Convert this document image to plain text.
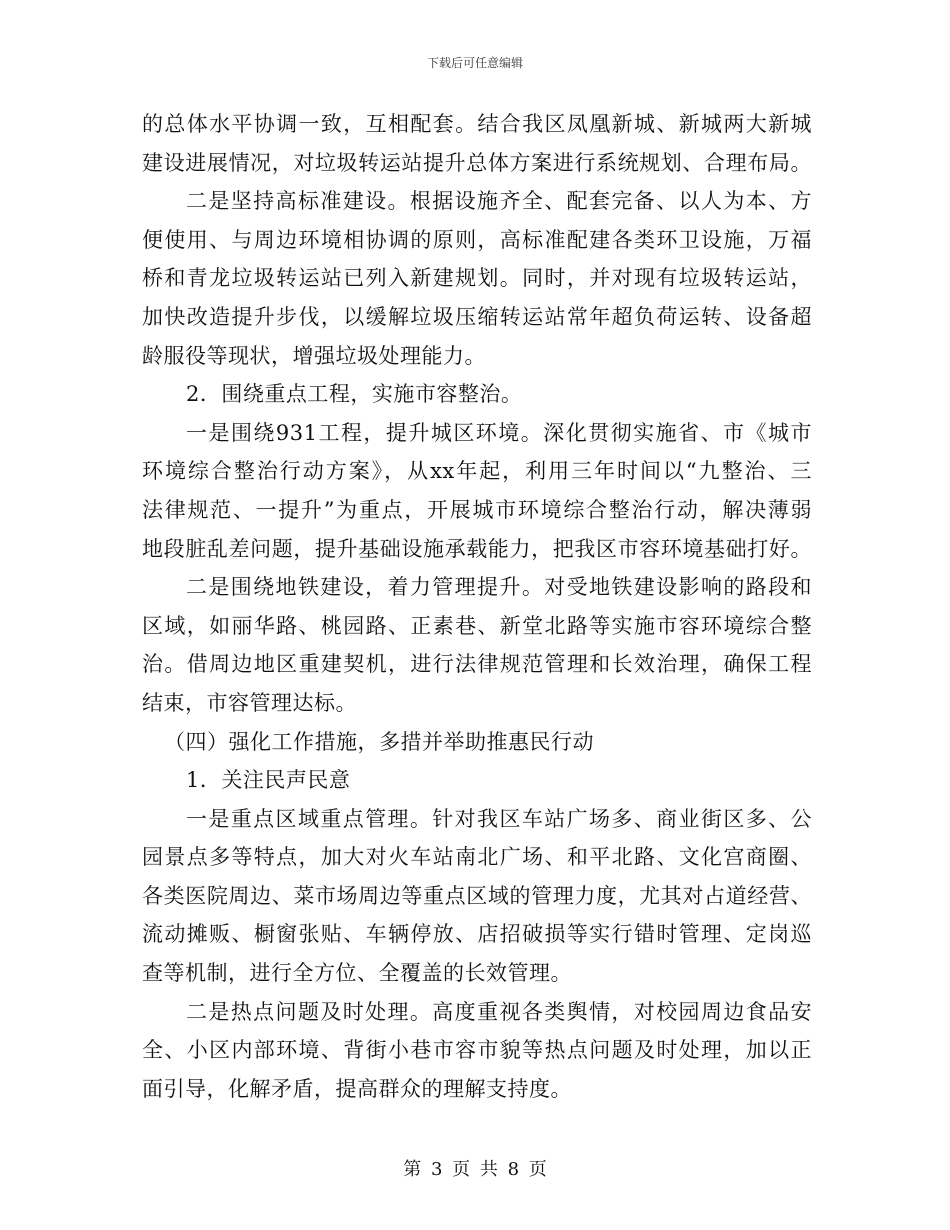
下载后可任意编辑
的总体水平协调一致，互相配套。结合我区凤凰新城、新城两大新城
建设进展情况，对垃圾转运站提升总体方案进行系统规划、合理布局。
二是坚持高标准建设。根据设施齐全、配套完备、以人为本、方
便使用、与周边环境相协调的原则，高标准配建各类环卫设施，万福
桥和青龙垃圾转运站已列入新建规划。同时，并对现有垃圾转运站，
加快改造提升步伐，以缓解垃圾压缩转运站常年超负荷运转、设备超
龄服役等现状，增强垃圾处理能力。
2．围绕重点工程，实施市容整治。
一是围绕931工程，提升城区环境。深化贯彻实施省、市《城市
环境综合整治行动方案》，从xx年起，利用三年时间以“九整治、三
法律规范、一提升”为重点，开展城市环境综合整治行动，解决薄弱
地段脏乱差问题，提升基础设施承载能力，把我区市容环境基础打好。
二是围绕地铁建设，着力管理提升。对受地铁建设影响的路段和
区域，如丽华路、桃园路、正素巷、新堂北路等实施市容环境综合整
治。借周边地区重建契机，进行法律规范管理和长效治理，确保工程
结束，市容管理达标。
（四）强化工作措施，多措并举助推惠民行动
1．关注民声民意
一是重点区域重点管理。针对我区车站广场多、商业街区多、公
园景点多等特点，加大对火车站南北广场、和平北路、文化宫商圈、
各类医院周边、菜市场周边等重点区域的管理力度，尤其对占道经营、
流动摊贩、橱窗张贴、车辆停放、店招破损等实行错时管理、定岗巡
查等机制，进行全方位、全覆盖的长效管理。
二是热点问题及时处理。高度重视各类舆情，对校园周边食品安
全、小区内部环境、背街小巷市容市貌等热点问题及时处理，加以正
面引导，化解矛盾，提高群众的理解支持度。
第 3 页 共 8 页
